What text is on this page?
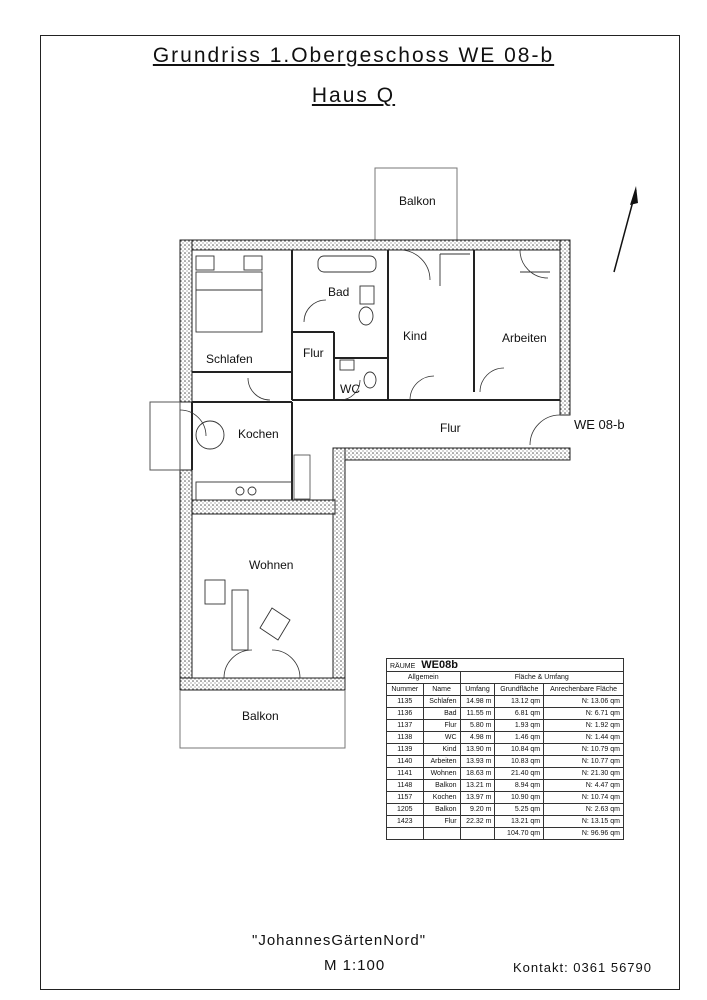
Grundriss 1.Obergeschoss WE 08-b
Haus Q
Balkon
Bad
Kind	Arbeiten
Schlafen	Flur
WC
Kochen	Flur
Wohnen
Balkon
WE 08-b
RÄUME WE08b				
Allgemein		Fläche & Umfang		
Nummer	Name	Umfang	Grundfläche	Anrechenbare Fläche
1135	Schlafen	14.98 m	13.12 qm	N: 13.06 qm
1136	Bad	11.55 m	6.81 qm	N: 6.71 qm
1137	Flur	5.80 m	1.93 qm	N: 1.92 qm
1138	WC	4.98 m	1.46 qm	N: 1.44 qm
1139	Kind	13.90 m	10.84 qm	N: 10.79 qm
1140	Arbeiten	13.93 m	10.83 qm	N: 10.77 qm
1141	Wohnen	18.63 m	21.40 qm	N: 21.30 qm
1148	Balkon	13.21 m	8.94 qm	N: 4.47 qm
1157	Kochen	13.97 m	10.90 qm	N: 10.74 qm
1205	Balkon	9.20 m	5.25 qm	N: 2.63 qm
1423	Flur	22.32 m	13.21 qm	N: 13.15 qm
			104.70 qm	N: 96.96 qm
"JohannesGärtenNord"
M 1:100	Kontakt: 0361 56790
